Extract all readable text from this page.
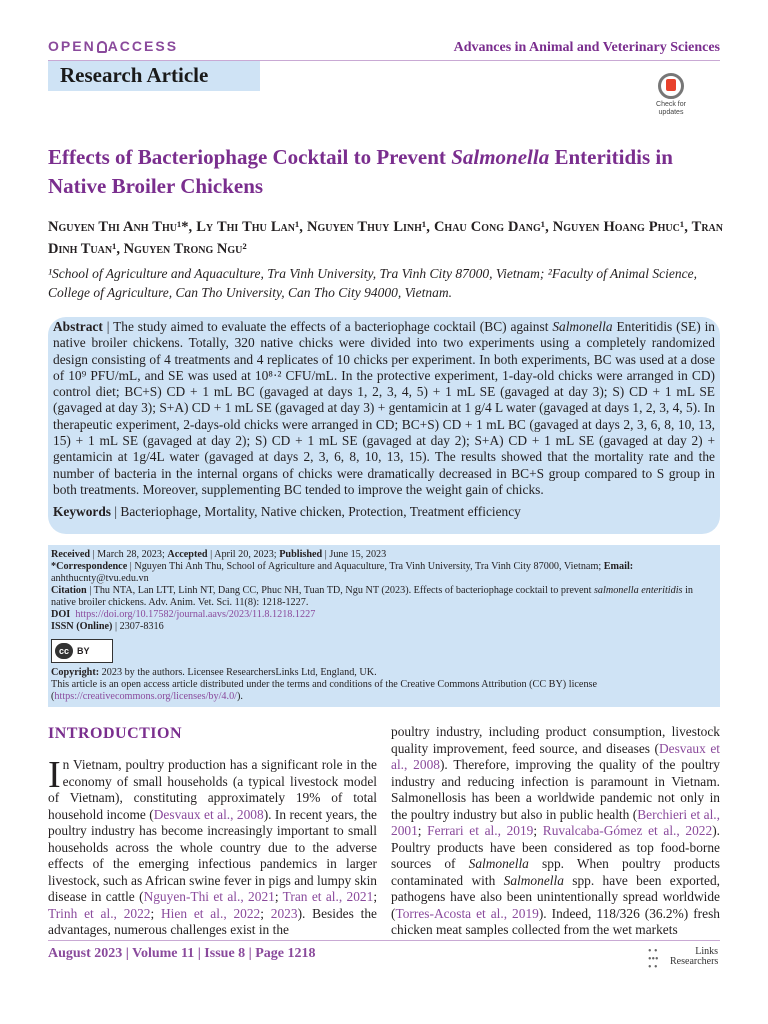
OPEN ACCESS	Advances in Animal and Veterinary Sciences
Research Article
Check for updates
Effects of Bacteriophage Cocktail to Prevent Salmonella Enteritidis in Native Broiler Chickens
Nguyen Thi Anh Thu¹*, Ly Thi Thu Lan¹, Nguyen Thuy Linh¹, Chau Cong Dang¹, Nguyen Hoang Phuc¹, Tran Dinh Tuan¹, Nguyen Trong Ngu²
¹School of Agriculture and Aquaculture, Tra Vinh University, Tra Vinh City 87000, Vietnam; ²Faculty of Animal Science, College of Agriculture, Can Tho University, Can Tho City 94000, Vietnam.

Abstract | The study aimed to evaluate the effects of a bacteriophage cocktail (BC) against Salmonella Enteritidis (SE) in native broiler chickens. Totally, 320 native chicks were divided into two experiments using a completely randomized design consisting of 4 treatments and 4 replicates of 10 chicks per experiment. In both experiments, BC was used at a dose of 10⁹ PFU/mL, and SE was used at 10⁸·² CFU/mL. In the protective experiment, 1-day-old chicks were arranged in CD) control diet; BC+S) CD + 1 mL BC (gavaged at days 1, 2, 3, 4, 5) + 1 mL SE (gavaged at day 3); S) CD + 1 mL SE (gavaged at day 3); S+A) CD + 1 mL SE (gavaged at day 3) + gentamicin at 1 g/4 L water (gavaged at days 1, 2, 3, 4, 5). In therapeutic experiment, 2-days-old chicks were arranged in CD; BC+S) CD + 1 mL BC (gavaged at days 2, 3, 6, 8, 10, 13, 15) + 1 mL SE (gavaged at day 2); S) CD + 1 mL SE (gavaged at day 2); S+A) CD + 1 mL SE (gavaged at day 2) + gentamicin at 1g/4L water (gavaged at days 2, 3, 6, 8, 10, 13, 15). The results showed that the mortality rate and the number of bacteria in the internal organs of chicks were dramatically decreased in BC+S group compared to S group in both treatments. Moreover, supplementing BC tended to improve the weight gain of chicks.

Keywords | Bacteriophage, Mortality, Native chicken, Protection, Treatment efficiency

Received | March 28, 2023; Accepted | April 20, 2023; Published | June 15, 2023

*Correspondence | Nguyen Thi Anh Thu, School of Agriculture and Aquaculture, Tra Vinh University, Tra Vinh City 87000, Vietnam; Email: anhthucnty@tvu.edu.vn

Citation | Thu NTA, Lan LTT, Linh NT, Dang CC, Phuc NH, Tuan TD, Ngu NT (2023). Effects of bacteriophage cocktail to prevent salmonella enteritidis in native broiler chickens. Adv. Anim. Vet. Sci. 11(8): 1218-1227.

DOI https://doi.org/10.17582/journal.aavs/2023/11.8.1218.1227

ISSN (Online) | 2307-8316

cc BY

Copyright: 2023 by the authors. Licensee ResearchersLinks Ltd, England, UK.

This article is an open access article distributed under the terms and conditions of the Creative Commons Attribution (CC BY) license (https://creativecommons.org/licenses/by/4.0/).

INTRODUCTION
In Vietnam, poultry production has a significant role in the economy of small households (a typical livestock model of Vietnam), constituting approximately 19% of total household income (Desvaux et al., 2008). In recent years, the poultry industry has become increasingly important to small households across the whole country due to the adverse effects of the emerging infectious pandemics in larger livestock, such as African swine fever in pigs and lumpy skin disease in cattle (Nguyen-Thi et al., 2021; Tran et al., 2021; Trinh et al., 2022; Hien et al., 2022; 2023). Besides the advantages, numerous challenges exist in the
poultry industry, including product consumption, livestock quality improvement, feed source, and diseases (Desvaux et al., 2008). Therefore, improving the quality of the poultry industry and reducing infection is paramount in Vietnam. Salmonellosis has been a worldwide pandemic not only in the poultry industry but also in public health (Berchieri et al., 2001; Ferrari et al., 2019; Ruvalcaba-Gómez et al., 2022). Poultry products have been considered as top food-borne sources of Salmonella spp. When poultry products contaminated with Salmonella spp. have been exported, pathogens have also been unintentionally spread worldwide (Torres-Acosta et al., 2019). Indeed, 118/326 (36.2%) fresh chicken meat samples collected from the wet markets
August 2023 | Volume 11 | Issue 8 | Page 1218	• •
•••
• •
Links
Researchers
